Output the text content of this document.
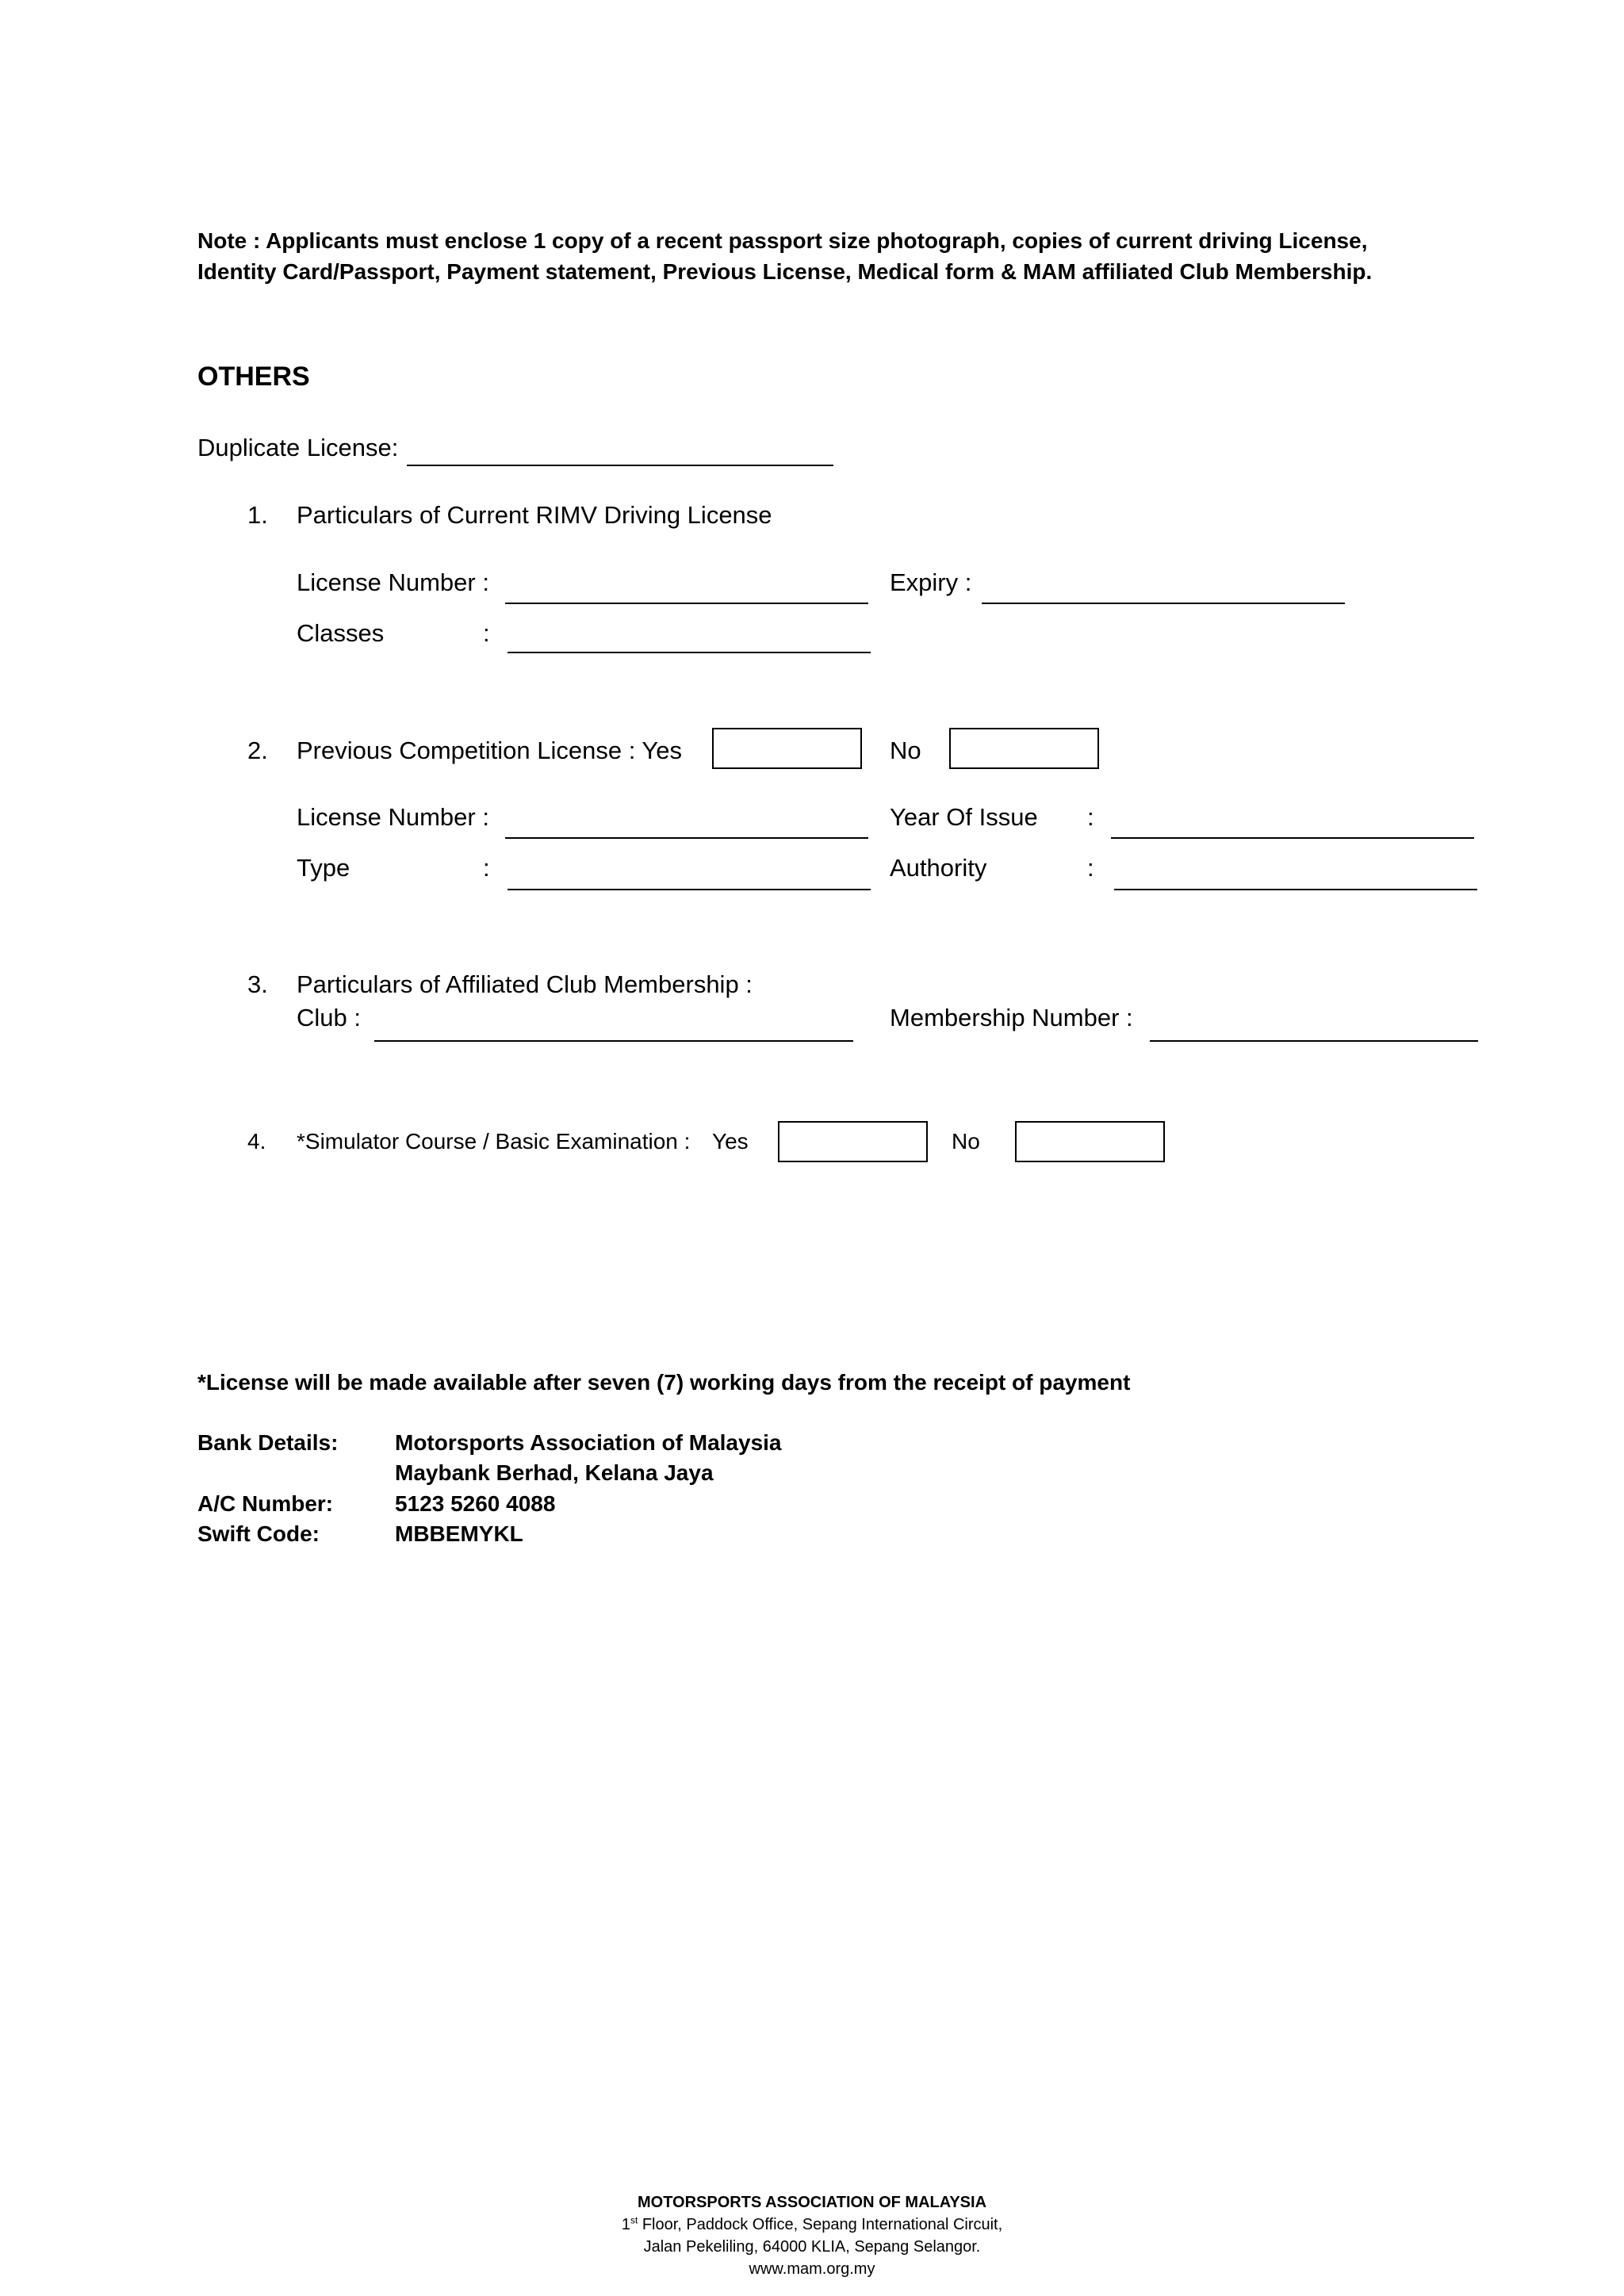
Note : Applicants must enclose 1 copy of a recent passport size photograph, copies of current driving License, Identity Card/Passport, Payment statement, Previous License, Medical form & MAM affiliated Club Membership.
OTHERS
Duplicate License:
1. Particulars of Current RIMV Driving License
License Number :	Expiry :
Classes	:
2. Previous Competition License : Yes	No
License Number :	Year Of Issue :
Type	:	Authority	:
3. Particulars of Affiliated Club Membership :
Club :	Membership Number :
4. *Simulator Course / Basic Examination : Yes	No
*License will be made available after seven (7) working days from the receipt of payment
Bank Details:	Motorsports Association of Malaysia
Maybank Berhad, Kelana Jaya
A/C Number:	5123 5260 4088
Swift Code:	MBBEMYKL
MOTORSPORTS ASSOCIATION OF MALAYSIA
1st Floor, Paddock Office, Sepang International Circuit,
Jalan Pekeliling, 64000 KLIA, Sepang Selangor.
www.mam.org.my
